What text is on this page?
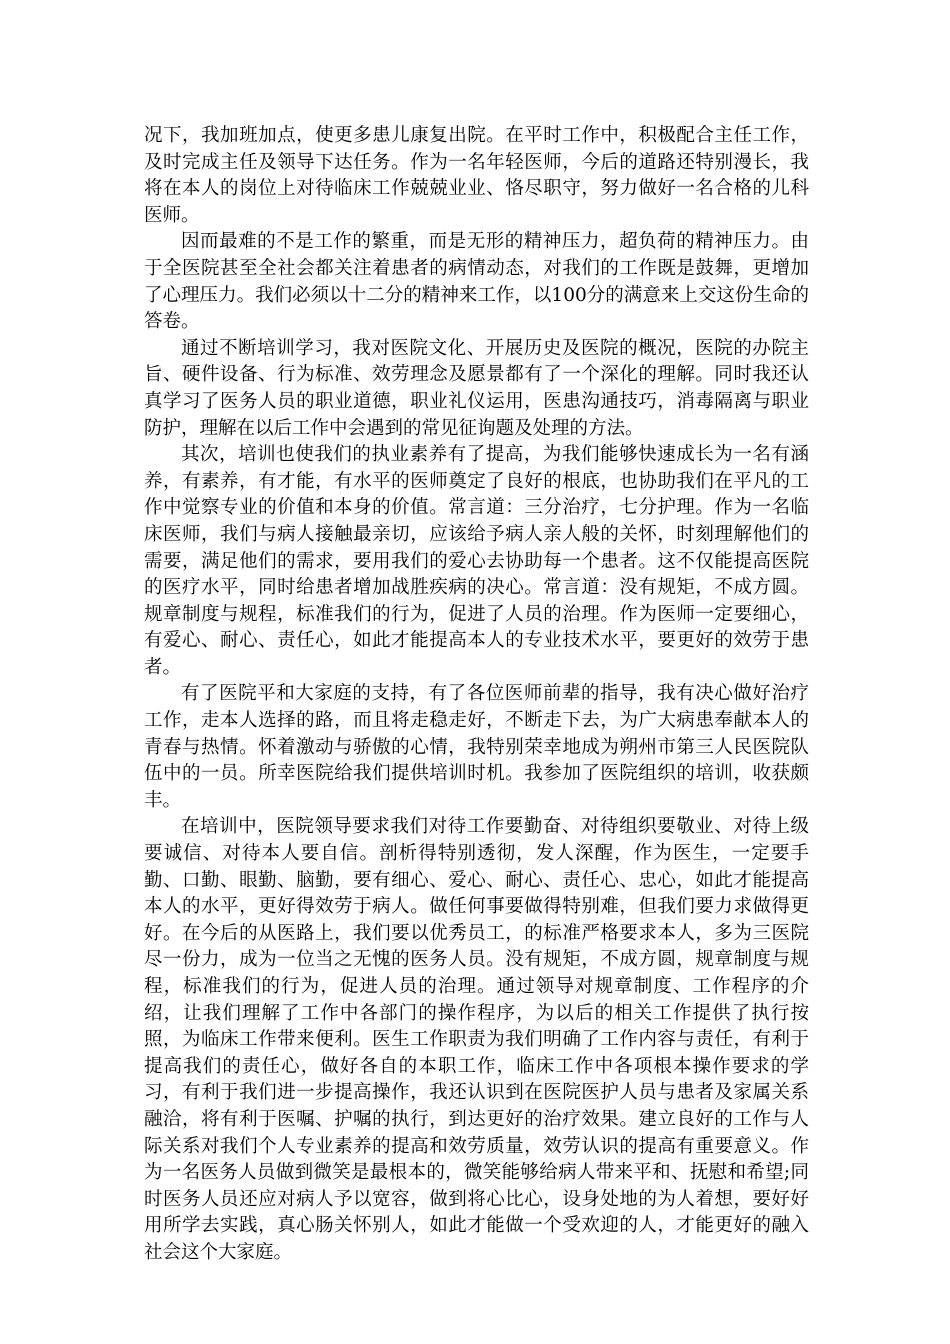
况下，我加班加点，使更多患儿康复出院。在平时工作中，积极配合主任工作，及时完成主任及领导下达任务。作为一名年轻医师，今后的道路还特别漫长，我将在本人的岗位上对待临床工作兢兢业业、恪尽职守，努力做好一名合格的儿科医师。

因而最难的不是工作的繁重，而是无形的精神压力，超负荷的精神压力。由于全医院甚至全社会都关注着患者的病情动态，对我们的工作既是鼓舞，更增加了心理压力。我们必须以十二分的精神来工作，以100分的满意来上交这份生命的答卷。

通过不断培训学习，我对医院文化、开展历史及医院的概况，医院的办院主旨、硬件设备、行为标准、效劳理念及愿景都有了一个深化的理解。同时我还认真学习了医务人员的职业道德，职业礼仪运用，医患沟通技巧，消毒隔离与职业防护，理解在以后工作中会遇到的常见征询题及处理的方法。

其次，培训也使我们的执业素养有了提高，为我们能够快速成长为一名有涵养，有素养，有才能，有水平的医师奠定了良好的根底，也协助我们在平凡的工作中觉察专业的价值和本身的价值。常言道：三分治疗，七分护理。作为一名临床医师，我们与病人接触最亲切，应该给予病人亲人般的关怀，时刻理解他们的需要，满足他们的需求，要用我们的爱心去协助每一个患者。这不仅能提高医院的医疗水平，同时给患者增加战胜疾病的决心。常言道：没有规矩，不成方圆。规章制度与规程，标准我们的行为，促进了人员的治理。作为医师一定要细心，有爱心、耐心、责任心，如此才能提高本人的专业技术水平，要更好的效劳于患者。

有了医院平和大家庭的支持，有了各位医师前辈的指导，我有决心做好治疗工作，走本人选择的路，而且将走稳走好，不断走下去，为广大病患奉献本人的青春与热情。怀着激动与骄傲的心情，我特别荣幸地成为朔州市第三人民医院队伍中的一员。所幸医院给我们提供培训时机。我参加了医院组织的培训，收获颇丰。

在培训中，医院领导要求我们对待工作要勤奋、对待组织要敬业、对待上级要诚信、对待本人要自信。剖析得特别透彻，发人深醒，作为医生，一定要手勤、口勤、眼勤、脑勤，要有细心、爱心、耐心、责任心、忠心，如此才能提高本人的水平，更好得效劳于病人。做任何事要做得特别难，但我们要力求做得更好。在今后的从医路上，我们要以优秀员工，的标准严格要求本人，多为三医院尽一份力，成为一位当之无愧的医务人员。没有规矩，不成方圆，规章制度与规程，标准我们的行为，促进人员的治理。通过领导对规章制度、工作程序的介绍，让我们理解了工作中各部门的操作程序，为以后的相关工作提供了执行按照，为临床工作带来便利。医生工作职责为我们明确了工作内容与责任，有利于提高我们的责任心，做好各自的本职工作，临床工作中各项根本操作要求的学习，有利于我们进一步提高操作，我还认识到在医院医护人员与患者及家属关系融洽，将有利于医嘱、护嘱的执行，到达更好的治疗效果。建立良好的工作与人际关系对我们个人专业素养的提高和效劳质量，效劳认识的提高有重要意义。作为一名医务人员做到微笑是最根本的，微笑能够给病人带来平和、抚慰和希望;同时医务人员还应对病人予以宽容，做到将心比心，设身处地的为人着想，要好好用所学去实践，真心肠关怀别人，如此才能做一个受欢迎的人，才能更好的融入社会这个大家庭。
